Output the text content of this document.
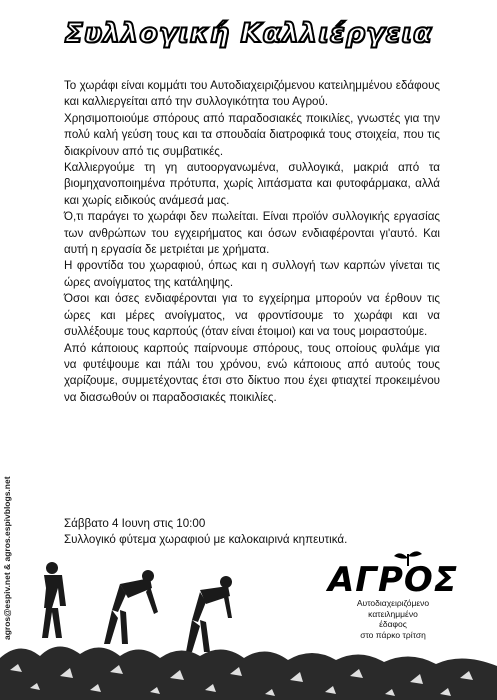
Συλλογική Καλλιέργεια

Το χωράφι είναι κομμάτι του Αυτοδιαχειριζόμενου κατειλημμένου εδάφους και καλλιεργείται από την συλλογικότητα του Αγρού.

Χρησιμοποιούμε σπόρους από παραδοσιακές ποικιλίες, γνωστές για την πολύ καλή γεύση τους και τα σπουδαία διατροφικά τους στοιχεία, που τις διακρίνουν από τις συμβατικές.

Καλλιεργούμε τη γη αυτοοργανωμένα, συλλογικά, μακριά από τα βιομηχανοποιημένα πρότυπα, χωρίς λιπάσματα και φυτοφάρμακα, αλλά και χωρίς ειδικούς ανάμεσά μας.

Ό,τι παράγει το χωράφι δεν πωλείται. Είναι προϊόν συλλογικής εργασίας των ανθρώπων του εγχειρήματος και όσων ενδιαφέρονται γι'αυτό. Και αυτή η εργασία δε μετριέται με χρήματα.

Η φροντίδα του χωραφιού, όπως και η συλλογή των καρπών γίνεται τις ώρες ανοίγματος της κατάληψης.

Όσοι και όσες ενδιαφέρονται για το εγχείρημα μπορούν να έρθουν τις ώρες και μέρες ανοίγματος, να φροντίσουμε το χωράφι και να συλλέξουμε τους καρπούς (όταν είναι έτοιμοι) και να τους μοιραστούμε.

Από κάποιους καρπούς παίρνουμε σπόρους, τους οποίους φυλάμε για να φυτέψουμε και πάλι του χρόνου, ενώ κάποιους από αυτούς τους χαρίζουμε, συμμετέχοντας έτσι στο δίκτυο που έχει φτιαχτεί προκειμένου να διασωθούν οι παραδοσιακές ποικιλίες.

Σάββατο 4 Ιουνη στις 10:00

Συλλογικό φύτεμα χωραφιού με καλοκαιρινά κηπευτικά.

agros@espiv.net & agros.espivblogs.net	ΑΓΡΟΣ
Αυτοδιαχειριζόμενο
κατειλημμένο
έδαφος
στο πάρκο τρίτση
